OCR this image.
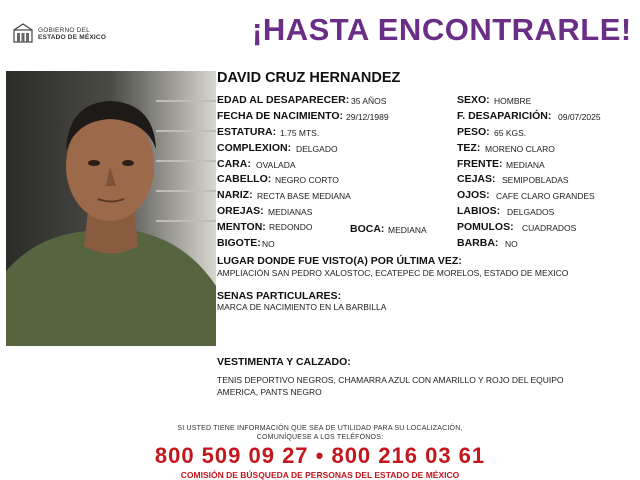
GOBIERNO DEL
ESTADO DE MÉXICO	¡HASTA ENCONTRARLE!
DAVID CRUZ HERNANDEZ
EDAD AL DESAPARECER: 35 AÑOS
FECHA DE NACIMIENTO: 29/12/1989
ESTATURA: 1.75 MTS.
COMPLEXION: DELGADO
CARA: OVALADA
CABELLO: NEGRO CORTO
NARIZ: RECTA BASE MEDIANA
OREJAS: MEDIANAS
MENTON: REDONDO
BIGOTE: NO
BOCA: MEDIANA
SEXO: HOMBRE
F. DESAPARICIÓN: 09/07/2025
PESO: 65 KGS.
TEZ: MORENO CLARO
FRENTE: MEDIANA
CEJAS: SEMIPOBLADAS
OJOS: CAFE CLARO GRANDES
LABIOS: DELGADOS
POMULOS: CUADRADOS
BARBA: NO
LUGAR DONDE FUE VISTO(A) POR ÚLTIMA VEZ:
AMPLIACIÓN SAN PEDRO XALOSTOC, ECATEPEC DE MORELOS, ESTADO DE MEXICO
SENAS PARTICULARES:
MARCA DE NACIMIENTO EN LA BARBILLA
VESTIMENTA Y CALZADO:
TENIS DEPORTIVO NEGROS, CHAMARRA AZUL CON AMARILLO Y ROJO DEL EQUIPO
AMERICA, PANTS NEGRO
SI USTED TIENE INFORMACIÓN QUE SEA DE UTILIDAD PARA SU LOCALIZACIÓN,
COMUNÍQUESE A LOS TELÉFONOS:
800 509 09 27 • 800 216 03 61
COMISIÓN DE BÚSQUEDA DE PERSONAS DEL ESTADO DE MÉXICO
